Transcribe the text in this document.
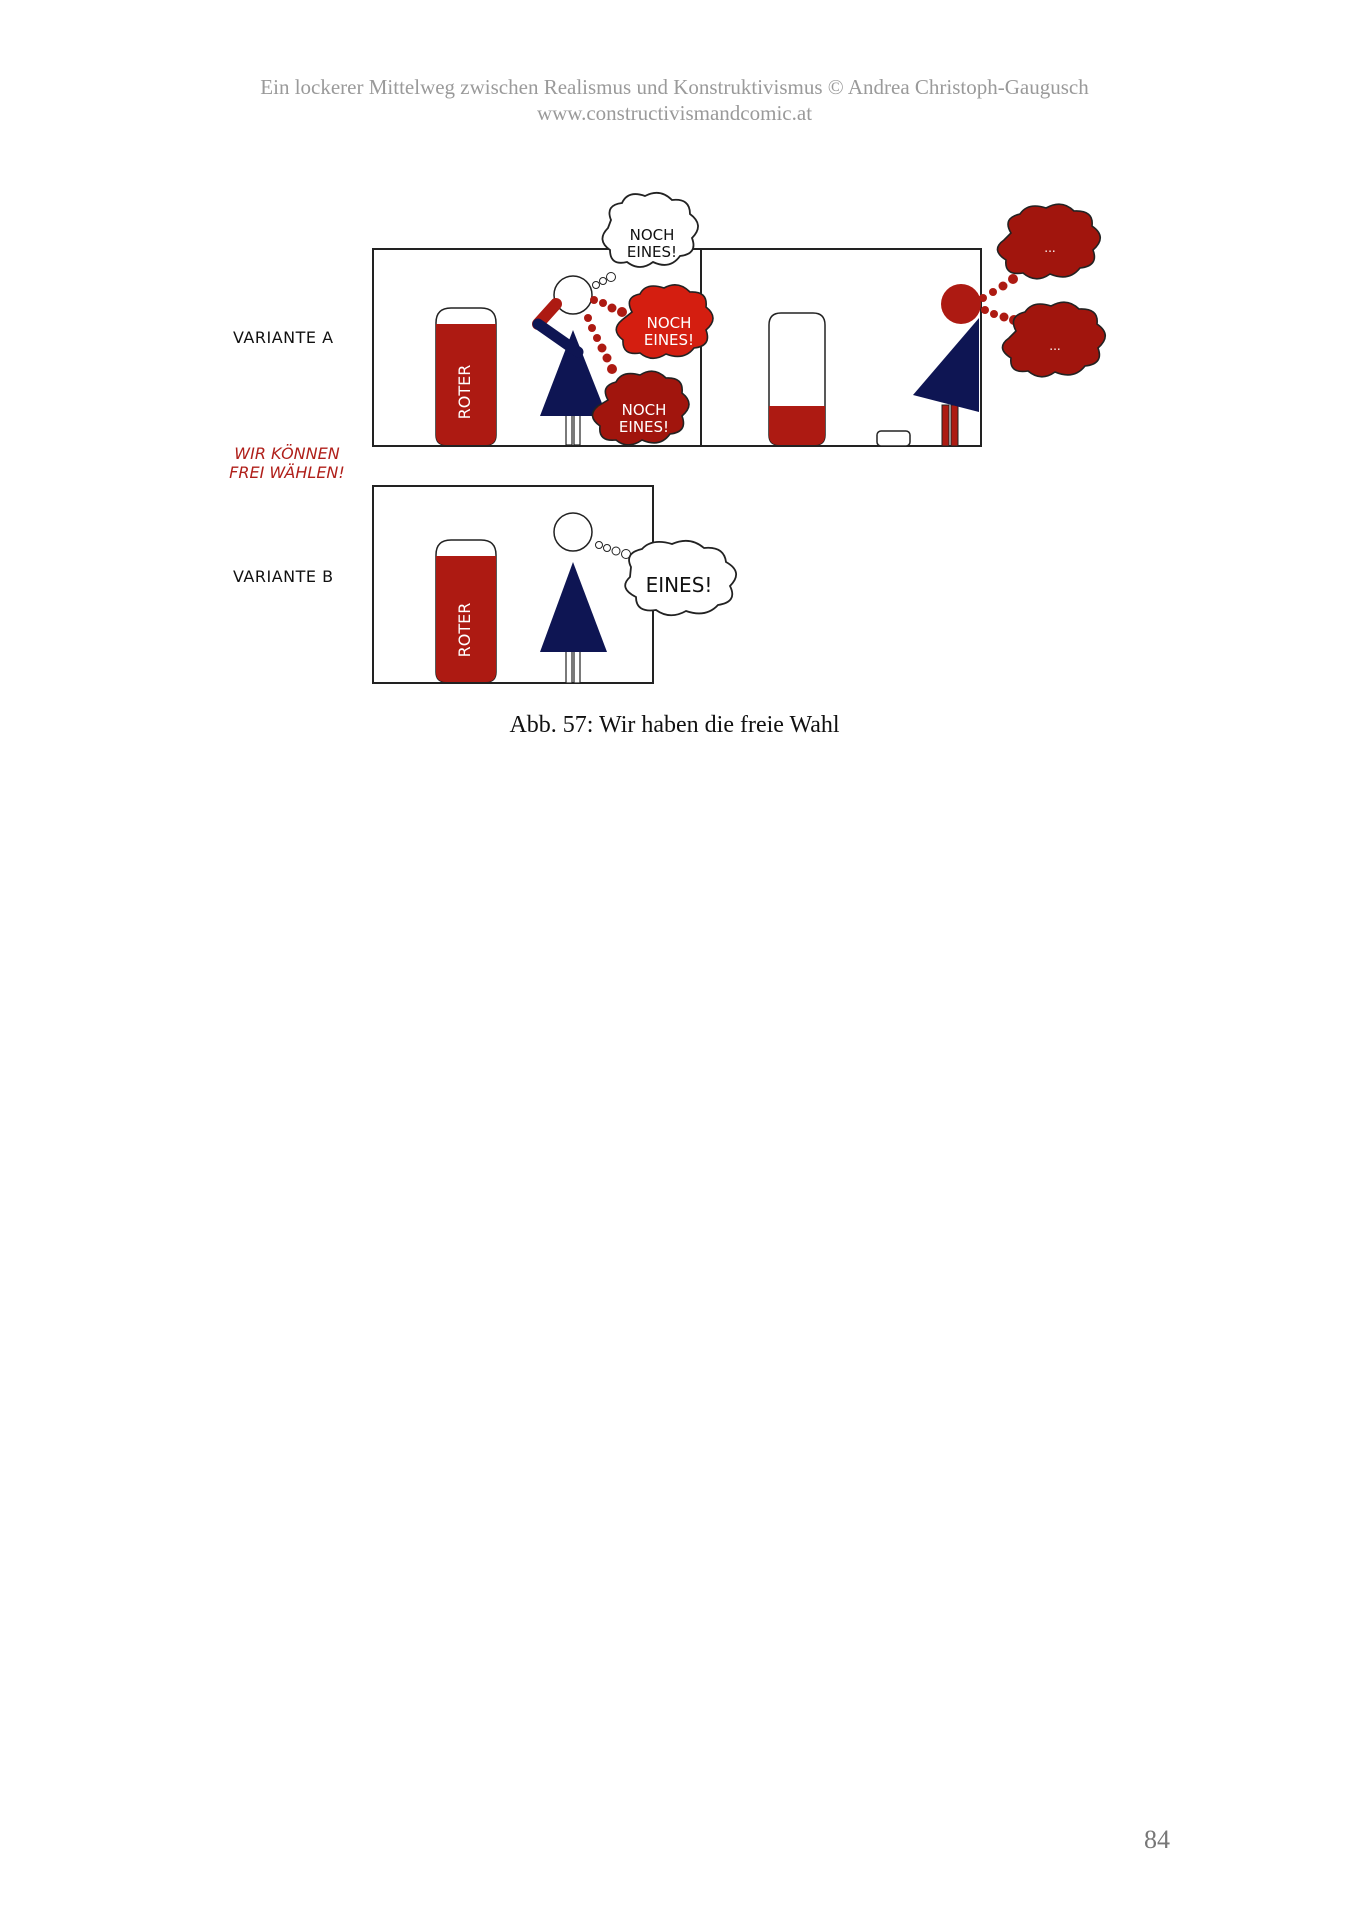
Ein lockerer Mittelweg zwischen Realismus und Konstruktivismus © Andrea Christoph-Gaugusch
www.constructivismandcomic.at
VARIANTE A
VARIANTE B
WIR KÖNNEN
FREI WÄHLEN!
ROTER
NOCH
EINES!
NOCH
EINES!
NOCH
EINES!
...
...
ROTER
EINES!
Abb. 57: Wir haben die freie Wahl
84
